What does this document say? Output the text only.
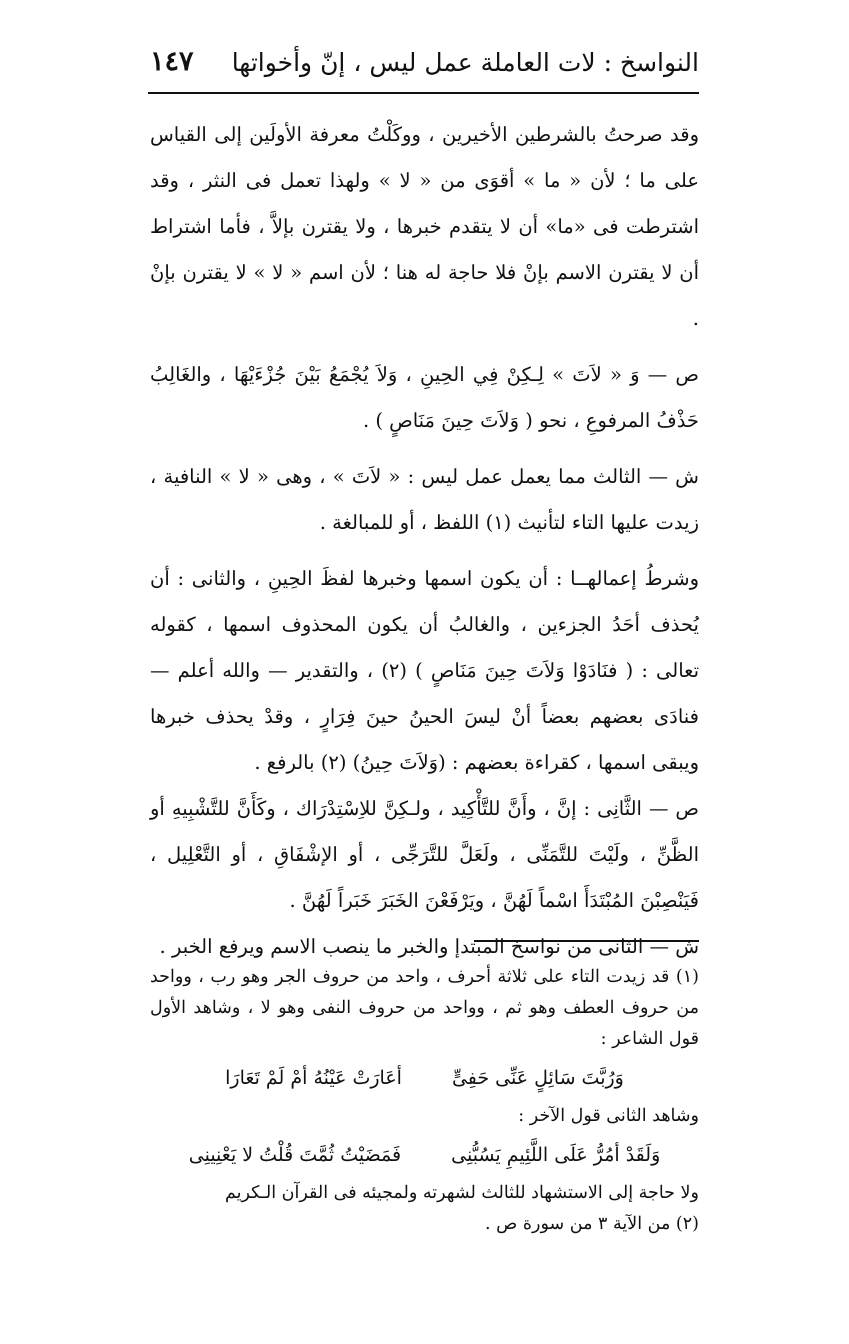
النواسخ : لات العاملة عمل ليس ، إنّ وأخواتها
١٤٧

وقد صرحتُ بالشرطين الأخيرين ، ووكَلْتُ معرفة الأولَين إلى القياس على ما ؛ لأن « ما » أقوَى من « لا » ولهذا تعمل فى النثر ، وقد اشترطت فى «ما» أن لا يتقدم خبرها ، ولا يقترن بإلاَّ ، فأما اشتراط أن لا يقترن الاسم بإنْ فلا حاجة له هنا ؛ لأن اسم « لا » لا يقترن بإنْ .

ص — وَ « لاَتَ » لِـكِنْ فِي الحِينِ ، وَلاَ يُجْمَعُ بَيْنَ جُزْءَيْهَا ، والغَالِبُ حَذْفُ المرفوعِ ، نحو ( وَلاَتَ حِينَ مَنَاصٍ ) .

ش — الثالث مما يعمل عمل ليس : « لاَتَ » ، وهى « لا » النافية ، زيدت عليها التاء لتأنيث (١) اللفظ ، أو للمبالغة .

وشرطُ إعمالهــا : أن يكون اسمها وخبرها لفظَ الحِينِ ، والثانى : أن يُحذف أحَدُ الجزءين ، والغالبُ أن يكون المحذوف اسمها ، كقوله تعالى : ( فنَادَوْا وَلاَتَ حِينَ مَنَاصٍ ) (٢) ، والتقدير — والله أعلم — فنادَى بعضهم بعضاً أنْ ليسَ الحينُ حينَ فِرَارٍ ، وقدْ يحذف خبرها ويبقى اسمها ، كقراءة بعضهم : (وَلاَتَ حِينُ) (٢) بالرفع .

ص — الثَّانِى : إنَّ ، وأَنَّ للتَّأْكِيد ، ولـكِنَّ للاِسْتِدْرَاك ، وكَأَنَّ للتَّشْبِيهِ أو الظَّنِّ ، ولَيْتَ للتَّمَنِّى ، ولَعَلَّ للتَّرَجِّى ، أو الإشْفَاقِ ، أو التَّعْلِيل ، فَيَنْصِبْنَ المُبْتَدَأَ اسْماً لَهُنَّ ، ويَرْفَعْنَ الخَبَرَ خَبَراً لَهُنَّ .

ش — الثانى من نواسخ المبتدإ والخبر ما ينصب الاسم ويرفع الخبر .

(١) قد زيدت التاء على ثلاثة أحرف ، واحد من حروف الجر وهو رب ، وواحد من حروف العطف وهو ثم ، وواحد من حروف النفى وهو لا ، وشاهد الأول قول الشاعر :

وَرُبَّتَ سَائِلٍ عَنِّى حَفِىٍّ
أعَارَتْ عَيْنُهُ أمْ لَمْ تَعَارَا

وشاهد الثانى قول الآخر :

وَلَقَدْ أمُرُّ عَلَى اللَّئِيمِ يَسُبُّنِى
فَمَضَيْتُ ثُمَّتَ قُلْتُ لا يَعْنِينِى

ولا حاجة إلى الاستشهاد للثالث لشهرته ولمجيئه فى القرآن الـكريم

(٢) من الآية ٣ من سورة ص .
